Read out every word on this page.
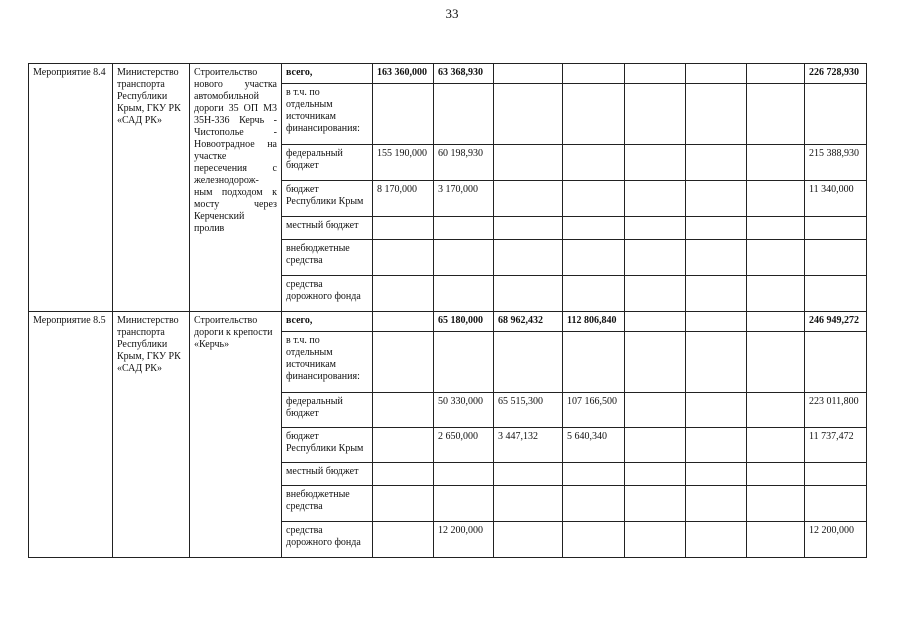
33
Мероприятие 8.4	Министерство транспорта Республики Крым, ГКУ РК «САД РК»	Строительство нового участка автомобильной дороги 35 ОП М3 35Н-336 Керчь - Чистополье - Новоотрадное на участке пересечения с железнодорож-ным подходом к мосту через Керченский пролив	всего,	163 360,000	63 368,930						226 728,930
			в т.ч. по отдельным источникам финансирования:								
			федеральный бюджет	155 190,000	60 198,930						215 388,930
			бюджет Республики Крым	8 170,000	3 170,000						11 340,000
			местный бюджет								
			внебюджетные средства								
			средства дорожного фонда								
Мероприятие 8.5	Министерство транспорта Республики Крым, ГКУ РК «САД РК»	Строительство дороги к крепости «Керчь»	всего,		65 180,000	68 962,432	112 806,840				246 949,272
			в т.ч. по отдельным источникам финансирования:								
			федеральный бюджет		50 330,000	65 515,300	107 166,500				223 011,800
			бюджет Республики Крым		2 650,000	3 447,132	5 640,340				11 737,472
			местный бюджет								
			внебюджетные средства								
			средства дорожного фонда		12 200,000						12 200,000
